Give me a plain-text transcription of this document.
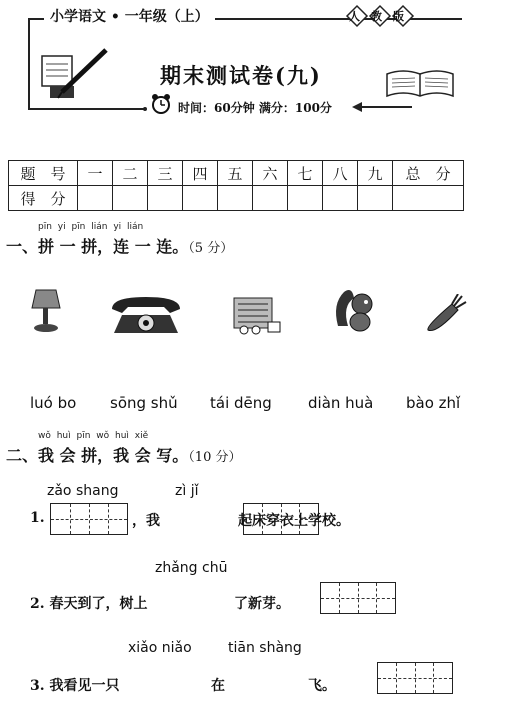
小学语文 • 一年级（上）	人教版
期末测试卷(九)
时间：60分钟 满分：100分
题　号	一	二	三	四	五	六	七	八	九	总　分
得　分										
pīn yi pīn lián yi lián
一、拼 一 拼，连 一 连。（5 分）
luó bo sōng shǔ tái dēng diàn huà bào zhǐ
wǒ huì pīn wǒ huì xiě
二、我 会 拼，我 会 写。（10 分）
zǎo shang	zì jǐ
1.
	，我
	起床穿衣上学校。
zhǎng chū
2. 春天到了，树上
	了新芽。
xiǎo niǎo	tiān shàng
3. 我看见一只
	在	飞。
